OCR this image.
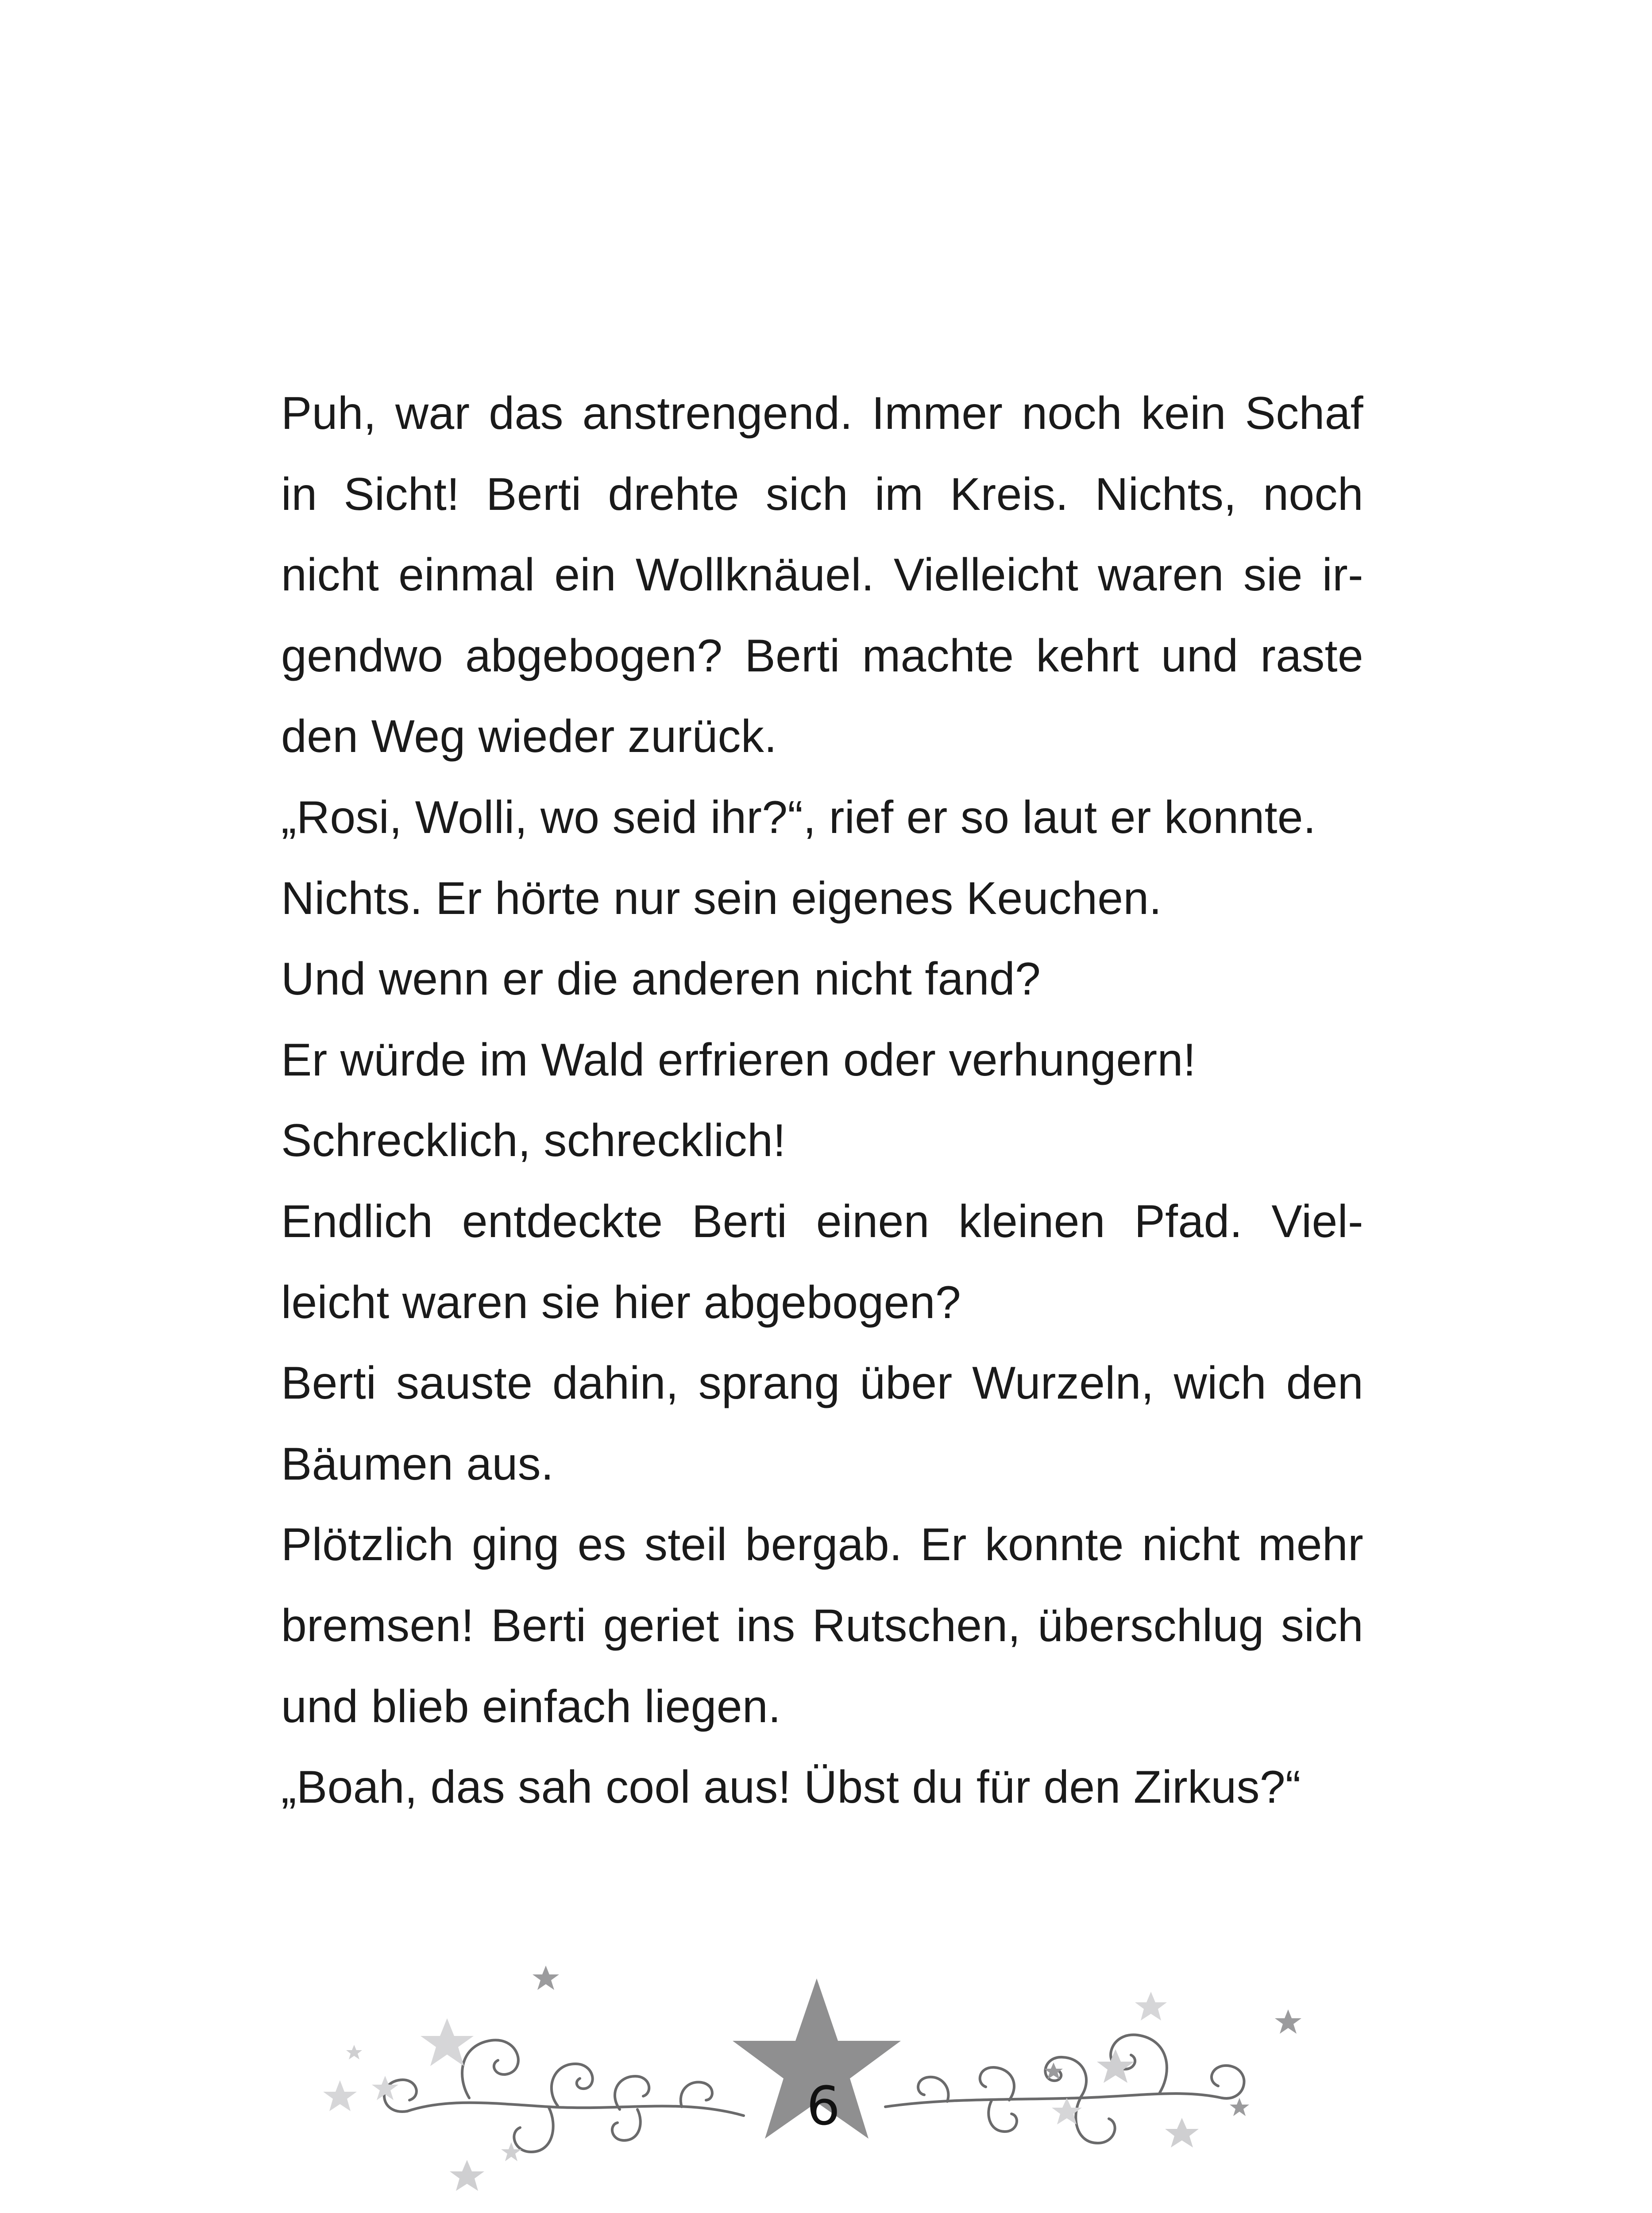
Puh, war das anstrengend. Immer noch kein Schaf
in Sicht! Berti drehte sich im Kreis. Nichts, noch
nicht einmal ein Wollknäuel. Vielleicht waren sie ir-
gendwo abgebogen? Berti machte kehrt und raste
den Weg wieder zurück.
„Rosi, Wolli, wo seid ihr?“, rief er so laut er konnte.
Nichts. Er hörte nur sein eigenes Keuchen.
Und wenn er die anderen nicht fand?
Er würde im Wald erfrieren oder verhungern!
Schrecklich, schrecklich!
Endlich entdeckte Berti einen kleinen Pfad. Viel-
leicht waren sie hier abgebogen?
Berti sauste dahin, sprang über Wurzeln, wich den
Bäumen aus.
Plötzlich ging es steil bergab. Er konnte nicht mehr
bremsen! Berti geriet ins Rutschen, überschlug sich
und blieb einfach liegen.
„Boah, das sah cool aus! Übst du für den Zirkus?“
6
